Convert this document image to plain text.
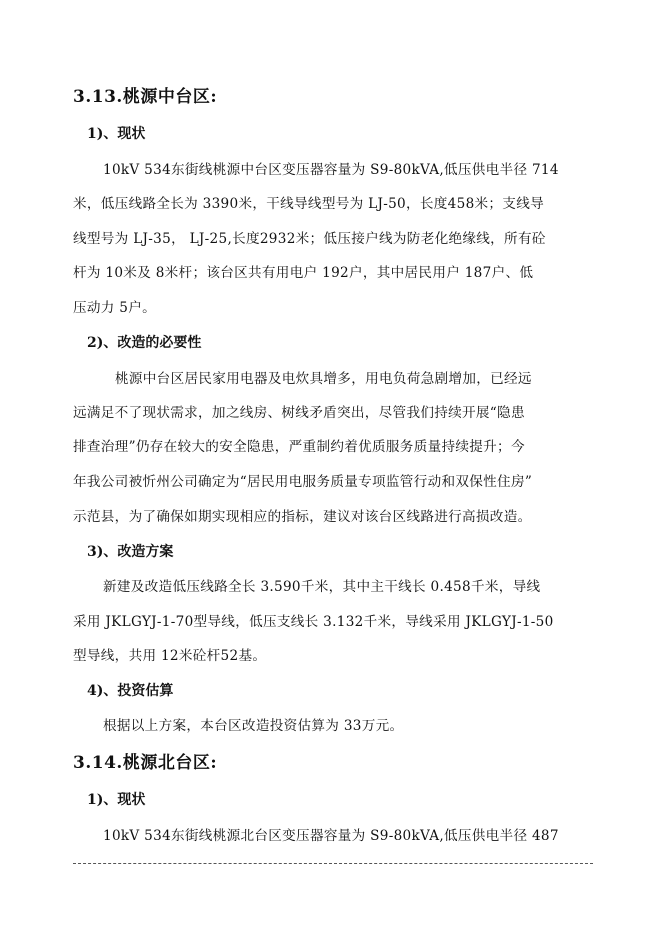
3.13.桃源中台区:
1)、现状
10kV 534东街线桃源中台区变压器容量为 S9-80kVA,低压供电半径 714
米，低压线路全长为 3390米，干线导线型号为 LJ-50，长度458米；支线导
线型号为 LJ-35， LJ-25,长度2932米；低压接户线为防老化绝缘线，所有砼
杆为 10米及 8米杆；该台区共有用电户 192户，其中居民用户 187户、低
压动力 5户。
2)、改造的必要性
桃源中台区居民家用电器及电炊具增多，用电负荷急剧增加，已经远
远满足不了现状需求，加之线房、树线矛盾突出，尽管我们持续开展“隐患
排查治理”仍存在较大的安全隐患，严重制约着优质服务质量持续提升；今
年我公司被忻州公司确定为“居民用电服务质量专项监管行动和双保性住房”
示范县，为了确保如期实现相应的指标，建议对该台区线路进行高损改造。
3)、改造方案
新建及改造低压线路全长 3.590千米，其中主干线长 0.458千米，导线
采用 JKLGYJ-1-70型导线，低压支线长 3.132千米，导线采用 JKLGYJ-1-50
型导线，共用 12米砼杆52基。
4)、投资估算
根据以上方案，本台区改造投资估算为 33万元。
3.14.桃源北台区:
1)、现状
10kV 534东街线桃源北台区变压器容量为 S9-80kVA,低压供电半径 487
